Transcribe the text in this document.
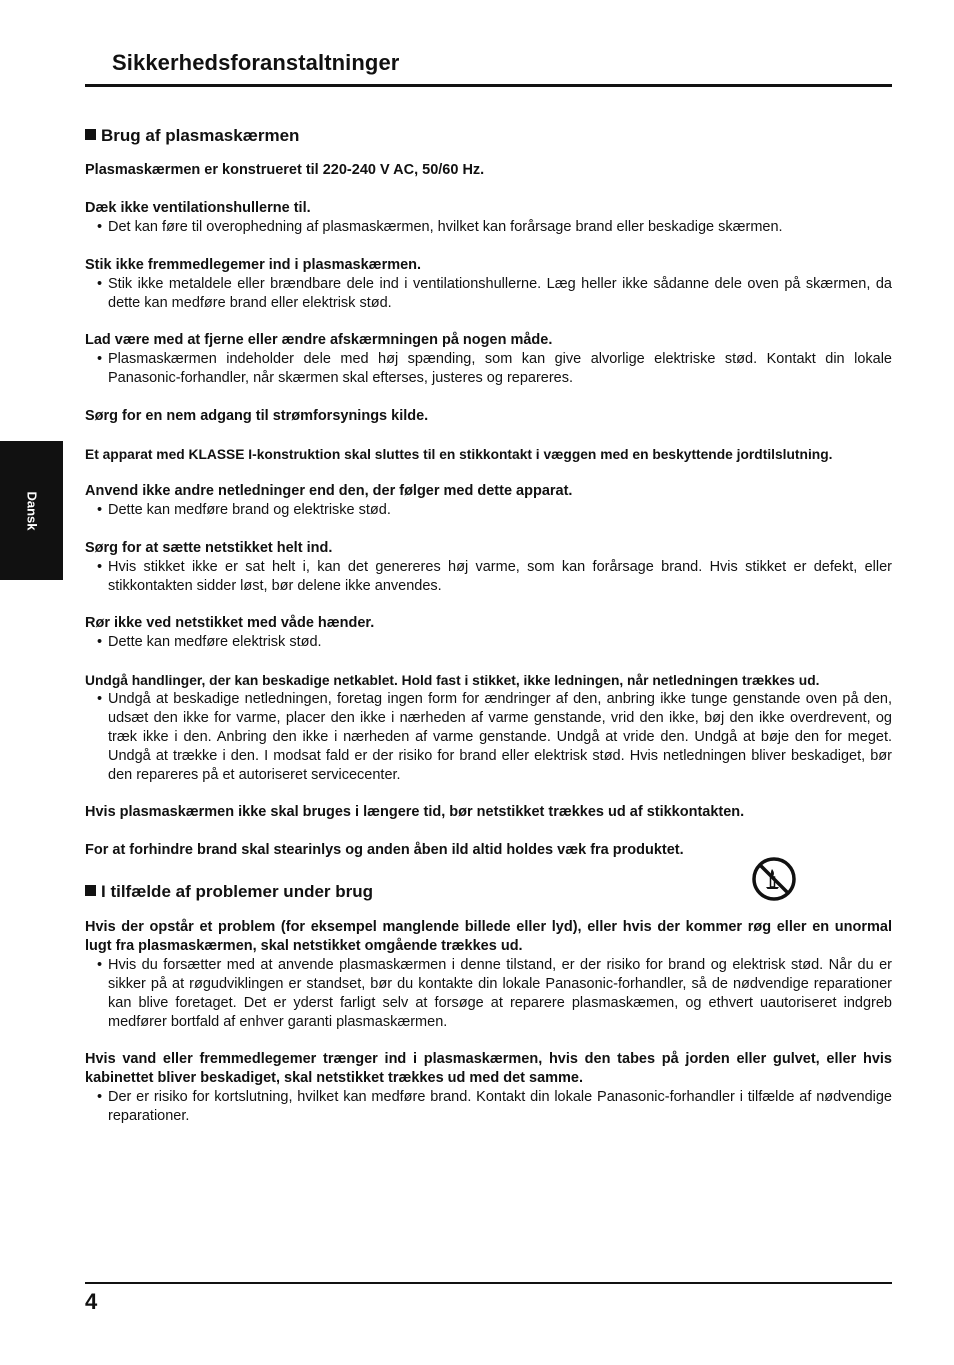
Sikkerhedsforanstaltninger
Dansk
Brug af plasmaskærmen
Plasmaskærmen er konstrueret til 220-240 V AC, 50/60 Hz.
Dæk ikke ventilationshullerne til.
• Det kan føre til overophedning af plasmaskærmen, hvilket kan forårsage brand eller beskadige skærmen.
Stik ikke fremmedlegemer ind i plasmaskærmen.
• Stik ikke metaldele eller brændbare dele ind i ventilationshullerne. Læg heller ikke sådanne dele oven på skærmen, da dette kan medføre brand eller elektrisk stød.
Lad være med at fjerne eller ændre afskærmningen på nogen måde.
• Plasmaskærmen indeholder dele med høj spænding, som kan give alvorlige elektriske stød. Kontakt din lokale Panasonic-forhandler, når skærmen skal efterses, justeres og repareres.
Sørg for en nem adgang til strømforsynings kilde.
Et apparat med KLASSE I-konstruktion skal sluttes til en stikkontakt i væggen med en beskyttende jordtilslutning.
Anvend ikke andre netledninger end den, der følger med dette apparat.
• Dette kan medføre brand og elektriske stød.
Sørg for at sætte netstikket helt ind.
• Hvis stikket ikke er sat helt i, kan det genereres høj varme, som kan forårsage brand. Hvis stikket er defekt, eller stikkontakten sidder løst, bør delene ikke anvendes.
Rør ikke ved netstikket med våde hænder.
• Dette kan medføre elektrisk stød.
Undgå handlinger, der kan beskadige netkablet. Hold fast i stikket, ikke ledningen, når netledningen trækkes ud.
• Undgå at beskadige netledningen, foretag ingen form for ændringer af den, anbring ikke tunge genstande oven på den, udsæt den ikke for varme, placer den ikke i nærheden af varme genstande, vrid den ikke, bøj den ikke overdrevent, og træk ikke i den. Anbring den ikke i nærheden af varme genstande. Undgå at vride den. Undgå at bøje den for meget. Undgå at trække i den. I modsat fald er der risiko for brand eller elektrisk stød. Hvis netledningen bliver beskadiget, bør den repareres på et autoriseret servicecenter.
Hvis plasmaskærmen ikke skal bruges i længere tid, bør netstikket trækkes ud af stikkontakten.
For at forhindre brand skal stearinlys og anden åben ild altid holdes væk fra produktet.
I tilfælde af problemer under brug
Hvis der opstår et problem (for eksempel manglende billede eller lyd), eller hvis der kommer røg eller en unormal lugt fra plasmaskærmen, skal netstikket omgående trækkes ud.
• Hvis du forsætter med at anvende plasmaskærmen i denne tilstand, er der risiko for brand og elektrisk stød. Når du er sikker på at røgudviklingen er standset, bør du kontakte din lokale Panasonic-forhandler, så de nødvendige reparationer kan blive foretaget. Det er yderst farligt selv at forsøge at reparere plasmaskæmen, og ethvert uautoriseret indgreb medfører bortfald af enhver garanti plasmaskærmen.
Hvis vand eller fremmedlegemer trænger ind i plasmaskærmen, hvis den tabes på jorden eller gulvet, eller hvis kabinettet bliver beskadiget, skal netstikket trækkes ud med det samme.
• Der er risiko for kortslutning, hvilket kan medføre brand. Kontakt din lokale Panasonic-forhandler i tilfælde af nødvendige reparationer.
4
